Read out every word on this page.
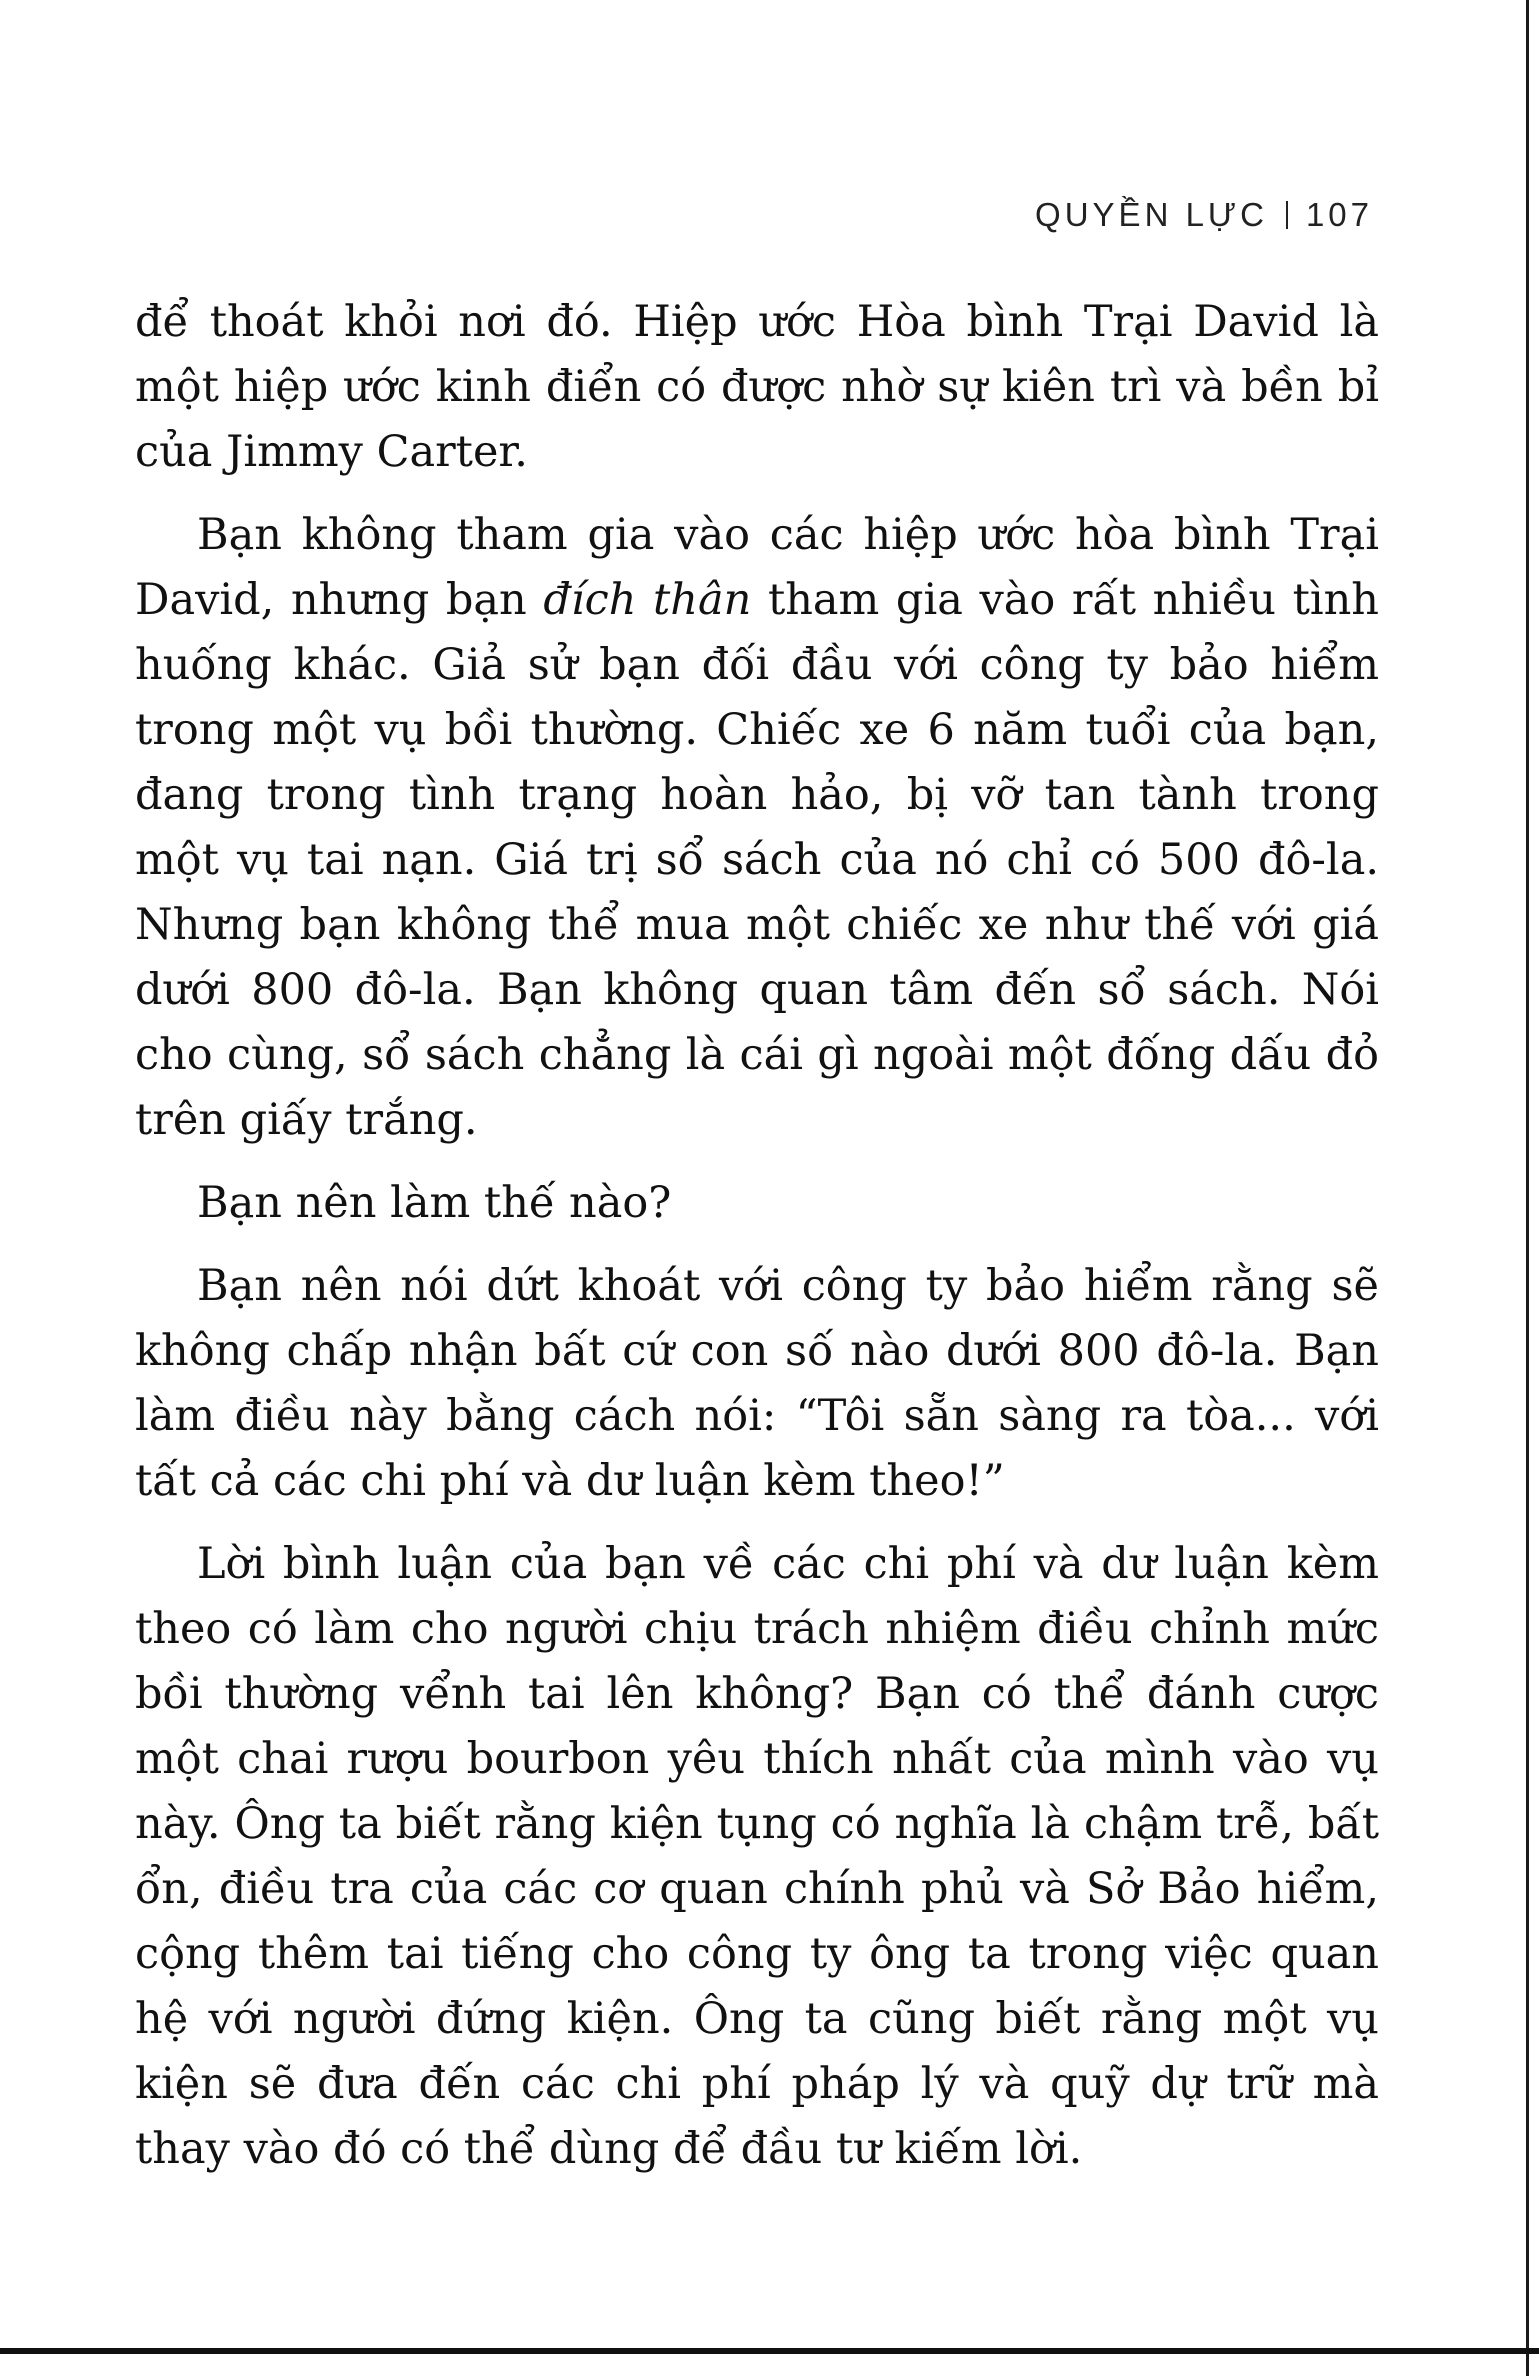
QUYỀN LỰC 107

để thoát khỏi nơi đó. Hiệp ước Hòa bình Trại David là một hiệp ước kinh điển có được nhờ sự kiên trì và bền bỉ của Jimmy Carter.

Bạn không tham gia vào các hiệp ước hòa bình Trại David, nhưng bạn đích thân tham gia vào rất nhiều tình huống khác. Giả sử bạn đối đầu với công ty bảo hiểm trong một vụ bồi thường. Chiếc xe 6 năm tuổi của bạn, đang trong tình trạng hoàn hảo, bị vỡ tan tành trong một vụ tai nạn. Giá trị sổ sách của nó chỉ có 500 đô-la. Nhưng bạn không thể mua một chiếc xe như thế với giá dưới 800 đô-la. Bạn không quan tâm đến sổ sách. Nói cho cùng, sổ sách chẳng là cái gì ngoài một đống dấu đỏ trên giấy trắng.

Bạn nên làm thế nào?

Bạn nên nói dứt khoát với công ty bảo hiểm rằng sẽ không chấp nhận bất cứ con số nào dưới 800 đô-la. Bạn làm điều này bằng cách nói: “Tôi sẵn sàng ra tòa... với tất cả các chi phí và dư luận kèm theo!”

Lời bình luận của bạn về các chi phí và dư luận kèm theo có làm cho người chịu trách nhiệm điều chỉnh mức bồi thường vểnh tai lên không? Bạn có thể đánh cược một chai rượu bourbon yêu thích nhất của mình vào vụ này. Ông ta biết rằng kiện tụng có nghĩa là chậm trễ, bất ổn, điều tra của các cơ quan chính phủ và Sở Bảo hiểm, cộng thêm tai tiếng cho công ty ông ta trong việc quan hệ với người đứng kiện. Ông ta cũng biết rằng một vụ kiện sẽ đưa đến các chi phí pháp lý và quỹ dự trữ mà thay vào đó có thể dùng để đầu tư kiếm lời.
